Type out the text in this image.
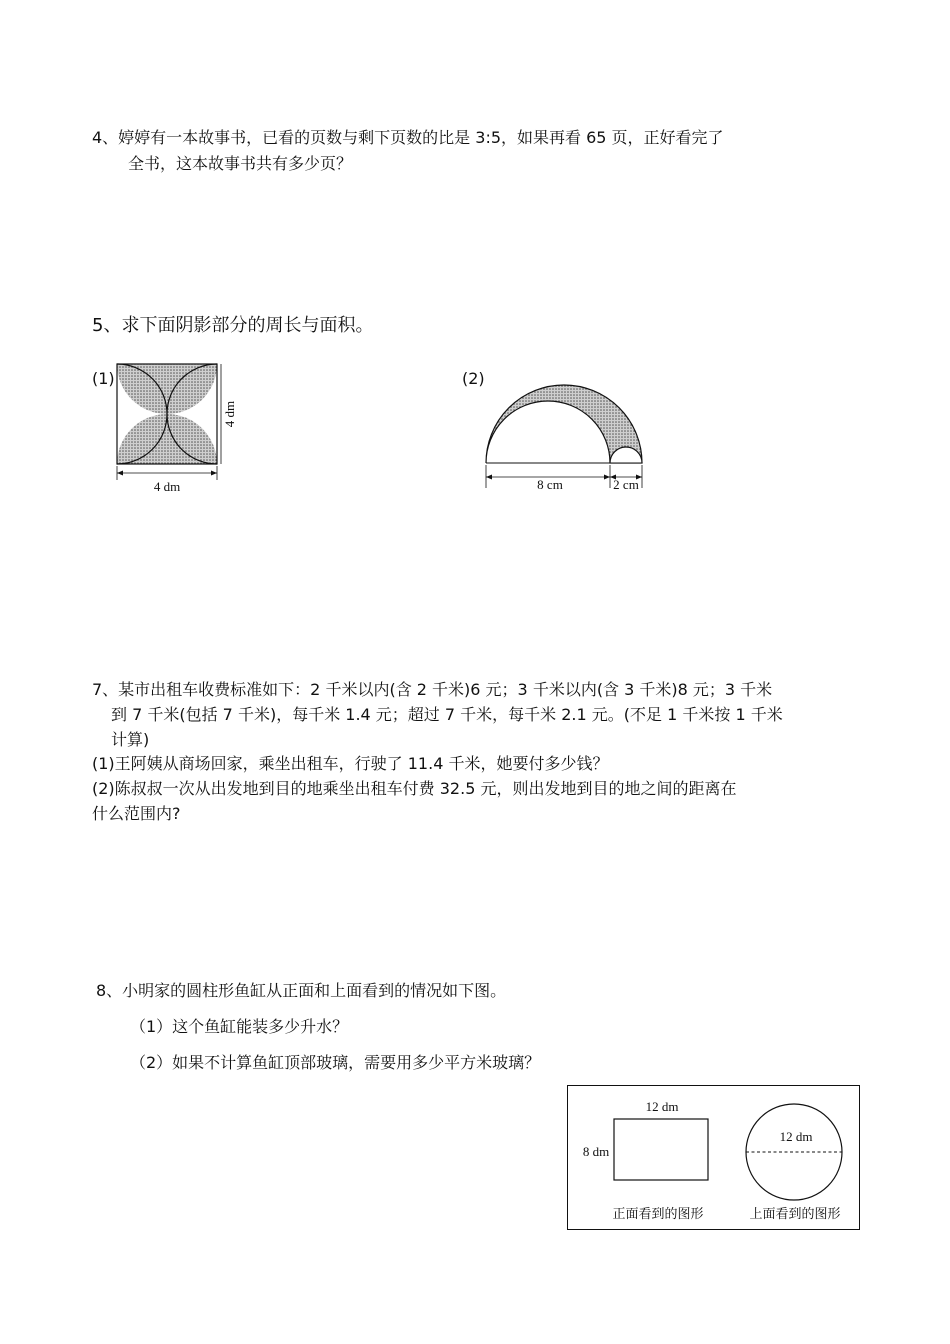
4、婷婷有一本故事书，已看的页数与剩下页数的比是 3:5，如果再看 65 页，正好看完了
全书，这本故事书共有多少页？
5、求下面阴影部分的周长与面积。
(1)	(2)
4 dm
4 dm	8 cm	2 cm
7、某市出租车收费标准如下：2 千米以内(含 2 千米)6 元；3 千米以内(含 3 千米)8 元；3 千米
到 7 千米(包括 7 千米)，每千米 1.4 元；超过 7 千米，每千米 2.1 元。(不足 1 千米按 1 千米
计算)
(1)王阿姨从商场回家，乘坐出租车，行驶了 11.4 千米，她要付多少钱？
(2)陈叔叔一次从出发地到目的地乘坐出租车付费 32.5 元，则出发地到目的地之间的距离在
什么范围内?
8、小明家的圆柱形鱼缸从正面和上面看到的情况如下图。
（1）这个鱼缸能装多少升水？
（2）如果不计算鱼缸顶部玻璃，需要用多少平方米玻璃？
12 dm
8 dm
12 dm
正面看到的图形	上面看到的图形
